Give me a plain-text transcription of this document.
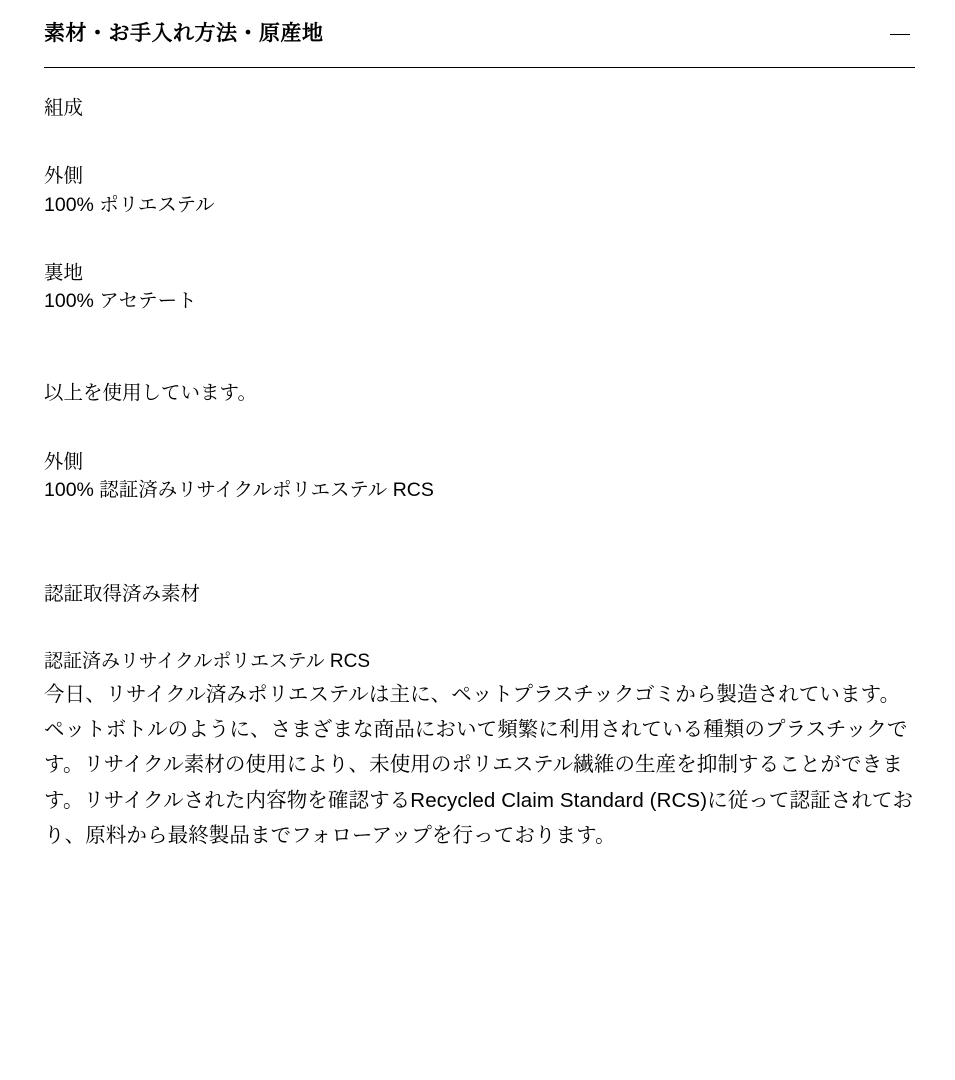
素材・お手入れ方法・原産地

組成

外側

100% ポリエステル

裏地

100% アセテート

以上を使用しています。

外側

100% 認証済みリサイクルポリエステル RCS

認証取得済み素材

認証済みリサイクルポリエステル RCS

今日、リサイクル済みポリエステルは主に、ペットプラスチックゴミから製造されています。ペットボトルのように、さまざまな商品において頻繁に利用されている種類のプラスチックです。リサイクル素材の使用により、未使用のポリエステル繊維の生産を抑制することができます。リサイクルされた内容物を確認するRecycled Claim Standard (RCS)に従って認証されており、原料から最終製品までフォローアップを行っております。
